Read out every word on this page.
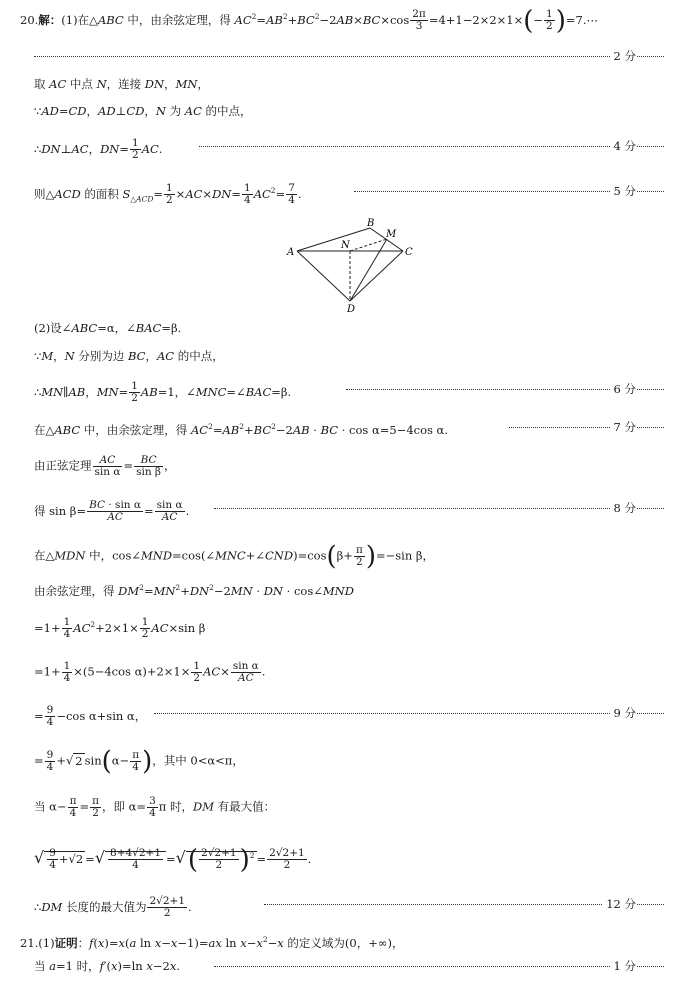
20.解：(1)在△ABC 中，由余弦定理，得 $AC^2=AB^2+BC^2-2AB\times BC\times\cos \frac{2\pi}{3} =4+1-2\times 2\times 1\times(- \frac{1}{2}$ )=7.⋯
2 分
取 AC 中点 N，连接 DN，MN，
∵AD=CD，AD⊥CD，N 为 AC 的中点，
∴DN⊥AC，$DN= \frac{1}{2}$ AC.	4 分
则△ACD 的面积 $S_{\triangle ACD}= \frac{1}{2} \times AC\times DN= \frac{1}{4} AC^2= \frac{7}{4}$ .	5 分
A
B
C
D
M
N
(2)设∠ABC=α，∠BAC=β.
∵M，N 分别为边 BC，AC 的中点，
∴MN∥AB，$MN= \frac{1}{2} AB=1$，∠MNC=∠BAC=β.	6 分
在△ABC 中，由余弦定理，得 $AC^2=AB^2+BC^2-2AB$ · BC · cos α=5−4cos α.	7 分
由正弦定理 $\frac{AC}{\text{sin α}} = \frac{BC}{\text{sin β}}$ ，
得 $\sin \beta= \frac{\text{BC · sin α}}{AC} = \frac{\text{sin α}}{AC}$ .	8 分
在△MDN 中，cos∠MND=cos(∠MNC+∠CND)=cos(β+ $\frac{\pi}{2} )=-\sin$ β，
由余弦定理，得 $DM^2=MN^2+DN^2-2MN$ · DN · cos∠MND
$=1+ \frac{1}{4} AC^2+2\times 1\times \frac{1}{2} AC\times\sin$ β
$=1+ \frac{1}{4} \times(5-4\cos$ $\alpha)+2\times 1\times \frac{1}{2} AC\times \frac{\text{sin α}}{AC}$ .
= $\frac{9}{4} -\cos$ α+sin α，	9 分
= $\frac{9}{4}$ +√ 2 $\sin(\alpha- \frac{\pi}{4}$ )，其中 0<α<π，
当 $\alpha- \frac{\pi}{4} = \frac{\pi}{2}$ ，即 $\alpha= \frac{3}{4}$ π 时，DM 有最大值：
√ $\frac{9}{4} +√2$ =√ $\frac{8+4√2+1}{4}$ =√( $\frac{2√2+1}{2} )^2 = \frac{2√2+1}{2}$ .
∴DM 长度的最大值为 $\frac{2√2+1}{2}$ .	12 分
21.(1)证明：f(x)=x(a ln x−x−1)=ax $\ln x-x^2-x$ 的定义域为(0，+∞)，
当 a=1 时，f′(x)=ln x−2x.	1 分
